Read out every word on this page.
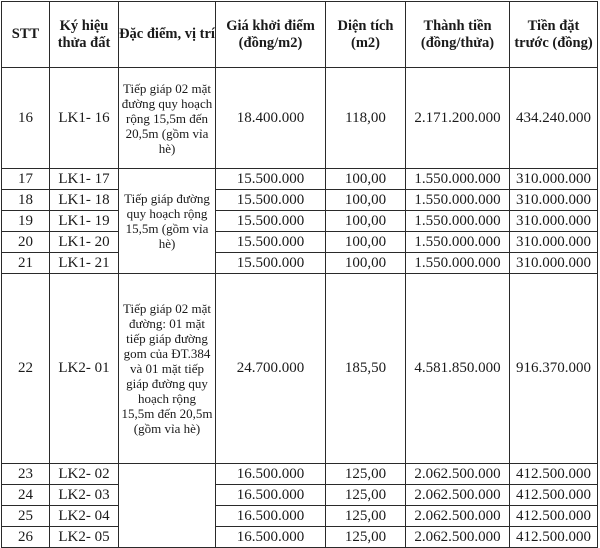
STT	Ký hiệu thửa đất	Đặc điểm, vị trí	Giá khởi điểm (đồng/m2)	Diện tích (m2)	Thành tiền (đồng/thửa)	Tiền đặt trước (đồng)
16	LK1- 16	Tiếp giáp 02 mặt đường quy hoạch rộng 15,5m đến 20,5m (gồm vỉa hè)	18.400.000	118,00	2.171.200.000	434.240.000
17	LK1- 17	Tiếp giáp đường quy hoạch rộng 15,5m (gồm vỉa hè)	15.500.000	100,00	1.550.000.000	310.000.000
18	LK1- 18		15.500.000	100,00	1.550.000.000	310.000.000
19	LK1- 19		15.500.000	100,00	1.550.000.000	310.000.000
20	LK1- 20		15.500.000	100,00	1.550.000.000	310.000.000
21	LK1- 21		15.500.000	100,00	1.550.000.000	310.000.000
22	LK2- 01	Tiếp giáp 02 mặt đường: 01 mặt tiếp giáp đường gom của ĐT.384 và 01 mặt tiếp giáp đường quy hoạch rộng 15,5m đến 20,5m (gồm vỉa hè)	24.700.000	185,50	4.581.850.000	916.370.000
23	LK2- 02		16.500.000	125,00	2.062.500.000	412.500.000
24	LK2- 03		16.500.000	125,00	2.062.500.000	412.500.000
25	LK2- 04		16.500.000	125,00	2.062.500.000	412.500.000
26	LK2- 05		16.500.000	125,00	2.062.500.000	412.500.000
